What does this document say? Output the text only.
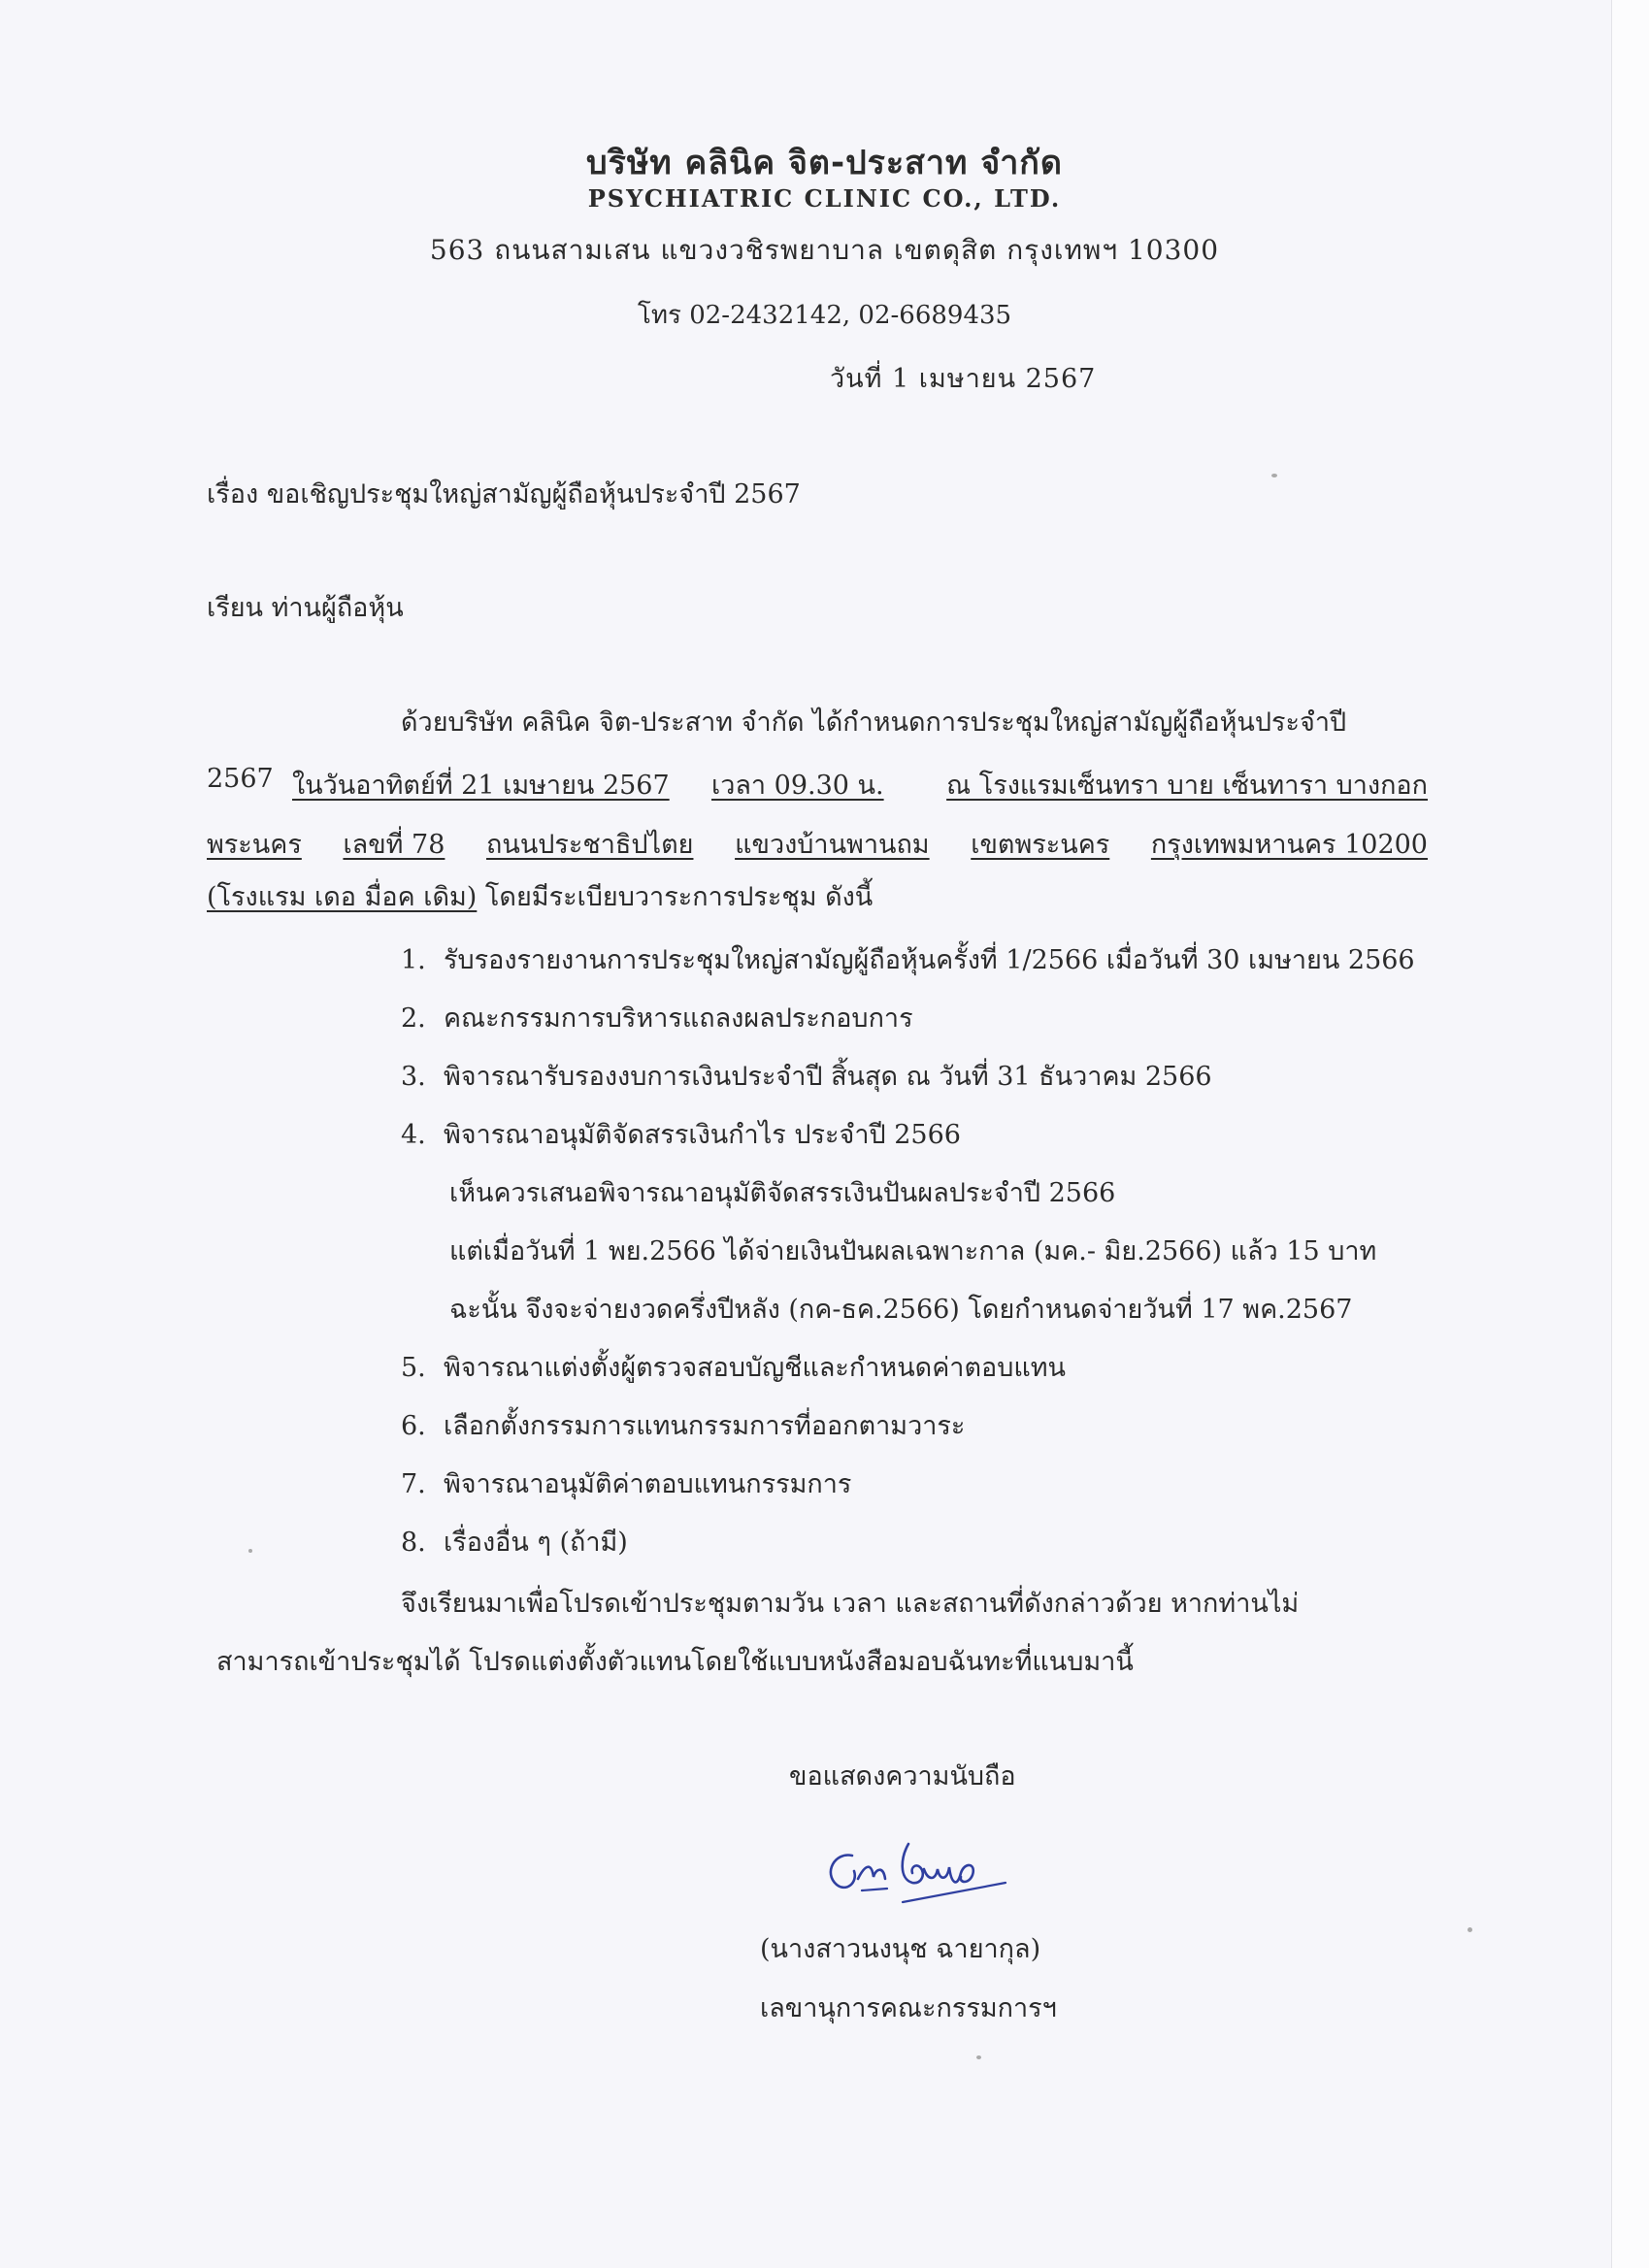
บริษัท คลินิค จิต-ประสาท จำกัด
PSYCHIATRIC CLINIC CO., LTD.
563 ถนนสามเสน แขวงวชิรพยาบาล เขตดุสิต กรุงเทพฯ 10300
โทร 02-2432142, 02-6689435
วันที่ 1 เมษายน 2567
เรื่อง ขอเชิญประชุมใหญ่สามัญผู้ถือหุ้นประจำปี 2567
เรียน ท่านผู้ถือหุ้น
ด้วยบริษัท คลินิค จิต-ประสาท จำกัด ได้กำหนดการประชุมใหญ่สามัญผู้ถือหุ้นประจำปี
2567 ในวันอาทิตย์ที่ 21 เมษายน 2567 เวลา 09.30 น. ณ โรงแรมเซ็นทรา บาย เซ็นทารา บางกอก
พระนคร เลขที่ 78 ถนนประชาธิปไตย แขวงบ้านพานถม เขตพระนคร กรุงเทพมหานคร 10200
(โรงแรม เดอ มื่อค เดิม) โดยมีระเบียบวาระการประชุม ดังนี้
1. รับรองรายงานการประชุมใหญ่สามัญผู้ถือหุ้นครั้งที่ 1/2566 เมื่อวันที่ 30 เมษายน 2566
2. คณะกรรมการบริหารแถลงผลประกอบการ
3. พิจารณารับรองงบการเงินประจำปี สิ้นสุด ณ วันที่ 31 ธันวาคม 2566
4. พิจารณาอนุมัติจัดสรรเงินกำไร ประจำปี 2566
เห็นควรเสนอพิจารณาอนุมัติจัดสรรเงินปันผลประจำปี 2566
แต่เมื่อวันที่ 1 พย.2566 ได้จ่ายเงินปันผลเฉพาะกาล (มค.- มิย.2566) แล้ว 15 บาท
ฉะนั้น จึงจะจ่ายงวดครึ่งปีหลัง (กค-ธค.2566) โดยกำหนดจ่ายวันที่ 17 พค.2567
5. พิจารณาแต่งตั้งผู้ตรวจสอบบัญชีและกำหนดค่าตอบแทน
6. เลือกตั้งกรรมการแทนกรรมการที่ออกตามวาระ
7. พิจารณาอนุมัติค่าตอบแทนกรรมการ
8. เรื่องอื่น ๆ (ถ้ามี)
จึงเรียนมาเพื่อโปรดเข้าประชุมตามวัน เวลา และสถานที่ดังกล่าวด้วย หากท่านไม่
สามารถเข้าประชุมได้ โปรดแต่งตั้งตัวแทนโดยใช้แบบหนังสือมอบฉันทะที่แนบมานี้
ขอแสดงความนับถือ
(นางสาวนงนุช ฉายากุล)
เลขานุการคณะกรรมการฯ
